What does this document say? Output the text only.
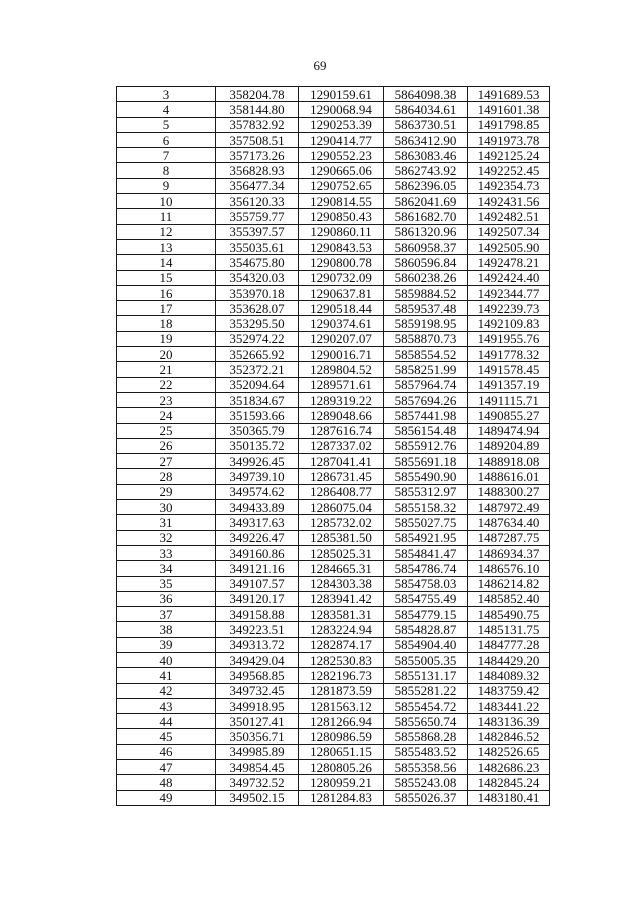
69
3	358204.78	1290159.61	5864098.38	1491689.53
4	358144.80	1290068.94	5864034.61	1491601.38
5	357832.92	1290253.39	5863730.51	1491798.85
6	357508.51	1290414.77	5863412.90	1491973.78
7	357173.26	1290552.23	5863083.46	1492125.24
8	356828.93	1290665.06	5862743.92	1492252.45
9	356477.34	1290752.65	5862396.05	1492354.73
10	356120.33	1290814.55	5862041.69	1492431.56
11	355759.77	1290850.43	5861682.70	1492482.51
12	355397.57	1290860.11	5861320.96	1492507.34
13	355035.61	1290843.53	5860958.37	1492505.90
14	354675.80	1290800.78	5860596.84	1492478.21
15	354320.03	1290732.09	5860238.26	1492424.40
16	353970.18	1290637.81	5859884.52	1492344.77
17	353628.07	1290518.44	5859537.48	1492239.73
18	353295.50	1290374.61	5859198.95	1492109.83
19	352974.22	1290207.07	5858870.73	1491955.76
20	352665.92	1290016.71	5858554.52	1491778.32
21	352372.21	1289804.52	5858251.99	1491578.45
22	352094.64	1289571.61	5857964.74	1491357.19
23	351834.67	1289319.22	5857694.26	1491115.71
24	351593.66	1289048.66	5857441.98	1490855.27
25	350365.79	1287616.74	5856154.48	1489474.94
26	350135.72	1287337.02	5855912.76	1489204.89
27	349926.45	1287041.41	5855691.18	1488918.08
28	349739.10	1286731.45	5855490.90	1488616.01
29	349574.62	1286408.77	5855312.97	1488300.27
30	349433.89	1286075.04	5855158.32	1487972.49
31	349317.63	1285732.02	5855027.75	1487634.40
32	349226.47	1285381.50	5854921.95	1487287.75
33	349160.86	1285025.31	5854841.47	1486934.37
34	349121.16	1284665.31	5854786.74	1486576.10
35	349107.57	1284303.38	5854758.03	1486214.82
36	349120.17	1283941.42	5854755.49	1485852.40
37	349158.88	1283581.31	5854779.15	1485490.75
38	349223.51	1283224.94	5854828.87	1485131.75
39	349313.72	1282874.17	5854904.40	1484777.28
40	349429.04	1282530.83	5855005.35	1484429.20
41	349568.85	1282196.73	5855131.17	1484089.32
42	349732.45	1281873.59	5855281.22	1483759.42
43	349918.95	1281563.12	5855454.72	1483441.22
44	350127.41	1281266.94	5855650.74	1483136.39
45	350356.71	1280986.59	5855868.28	1482846.52
46	349985.89	1280651.15	5855483.52	1482526.65
47	349854.45	1280805.26	5855358.56	1482686.23
48	349732.52	1280959.21	5855243.08	1482845.24
49	349502.15	1281284.83	5855026.37	1483180.41
